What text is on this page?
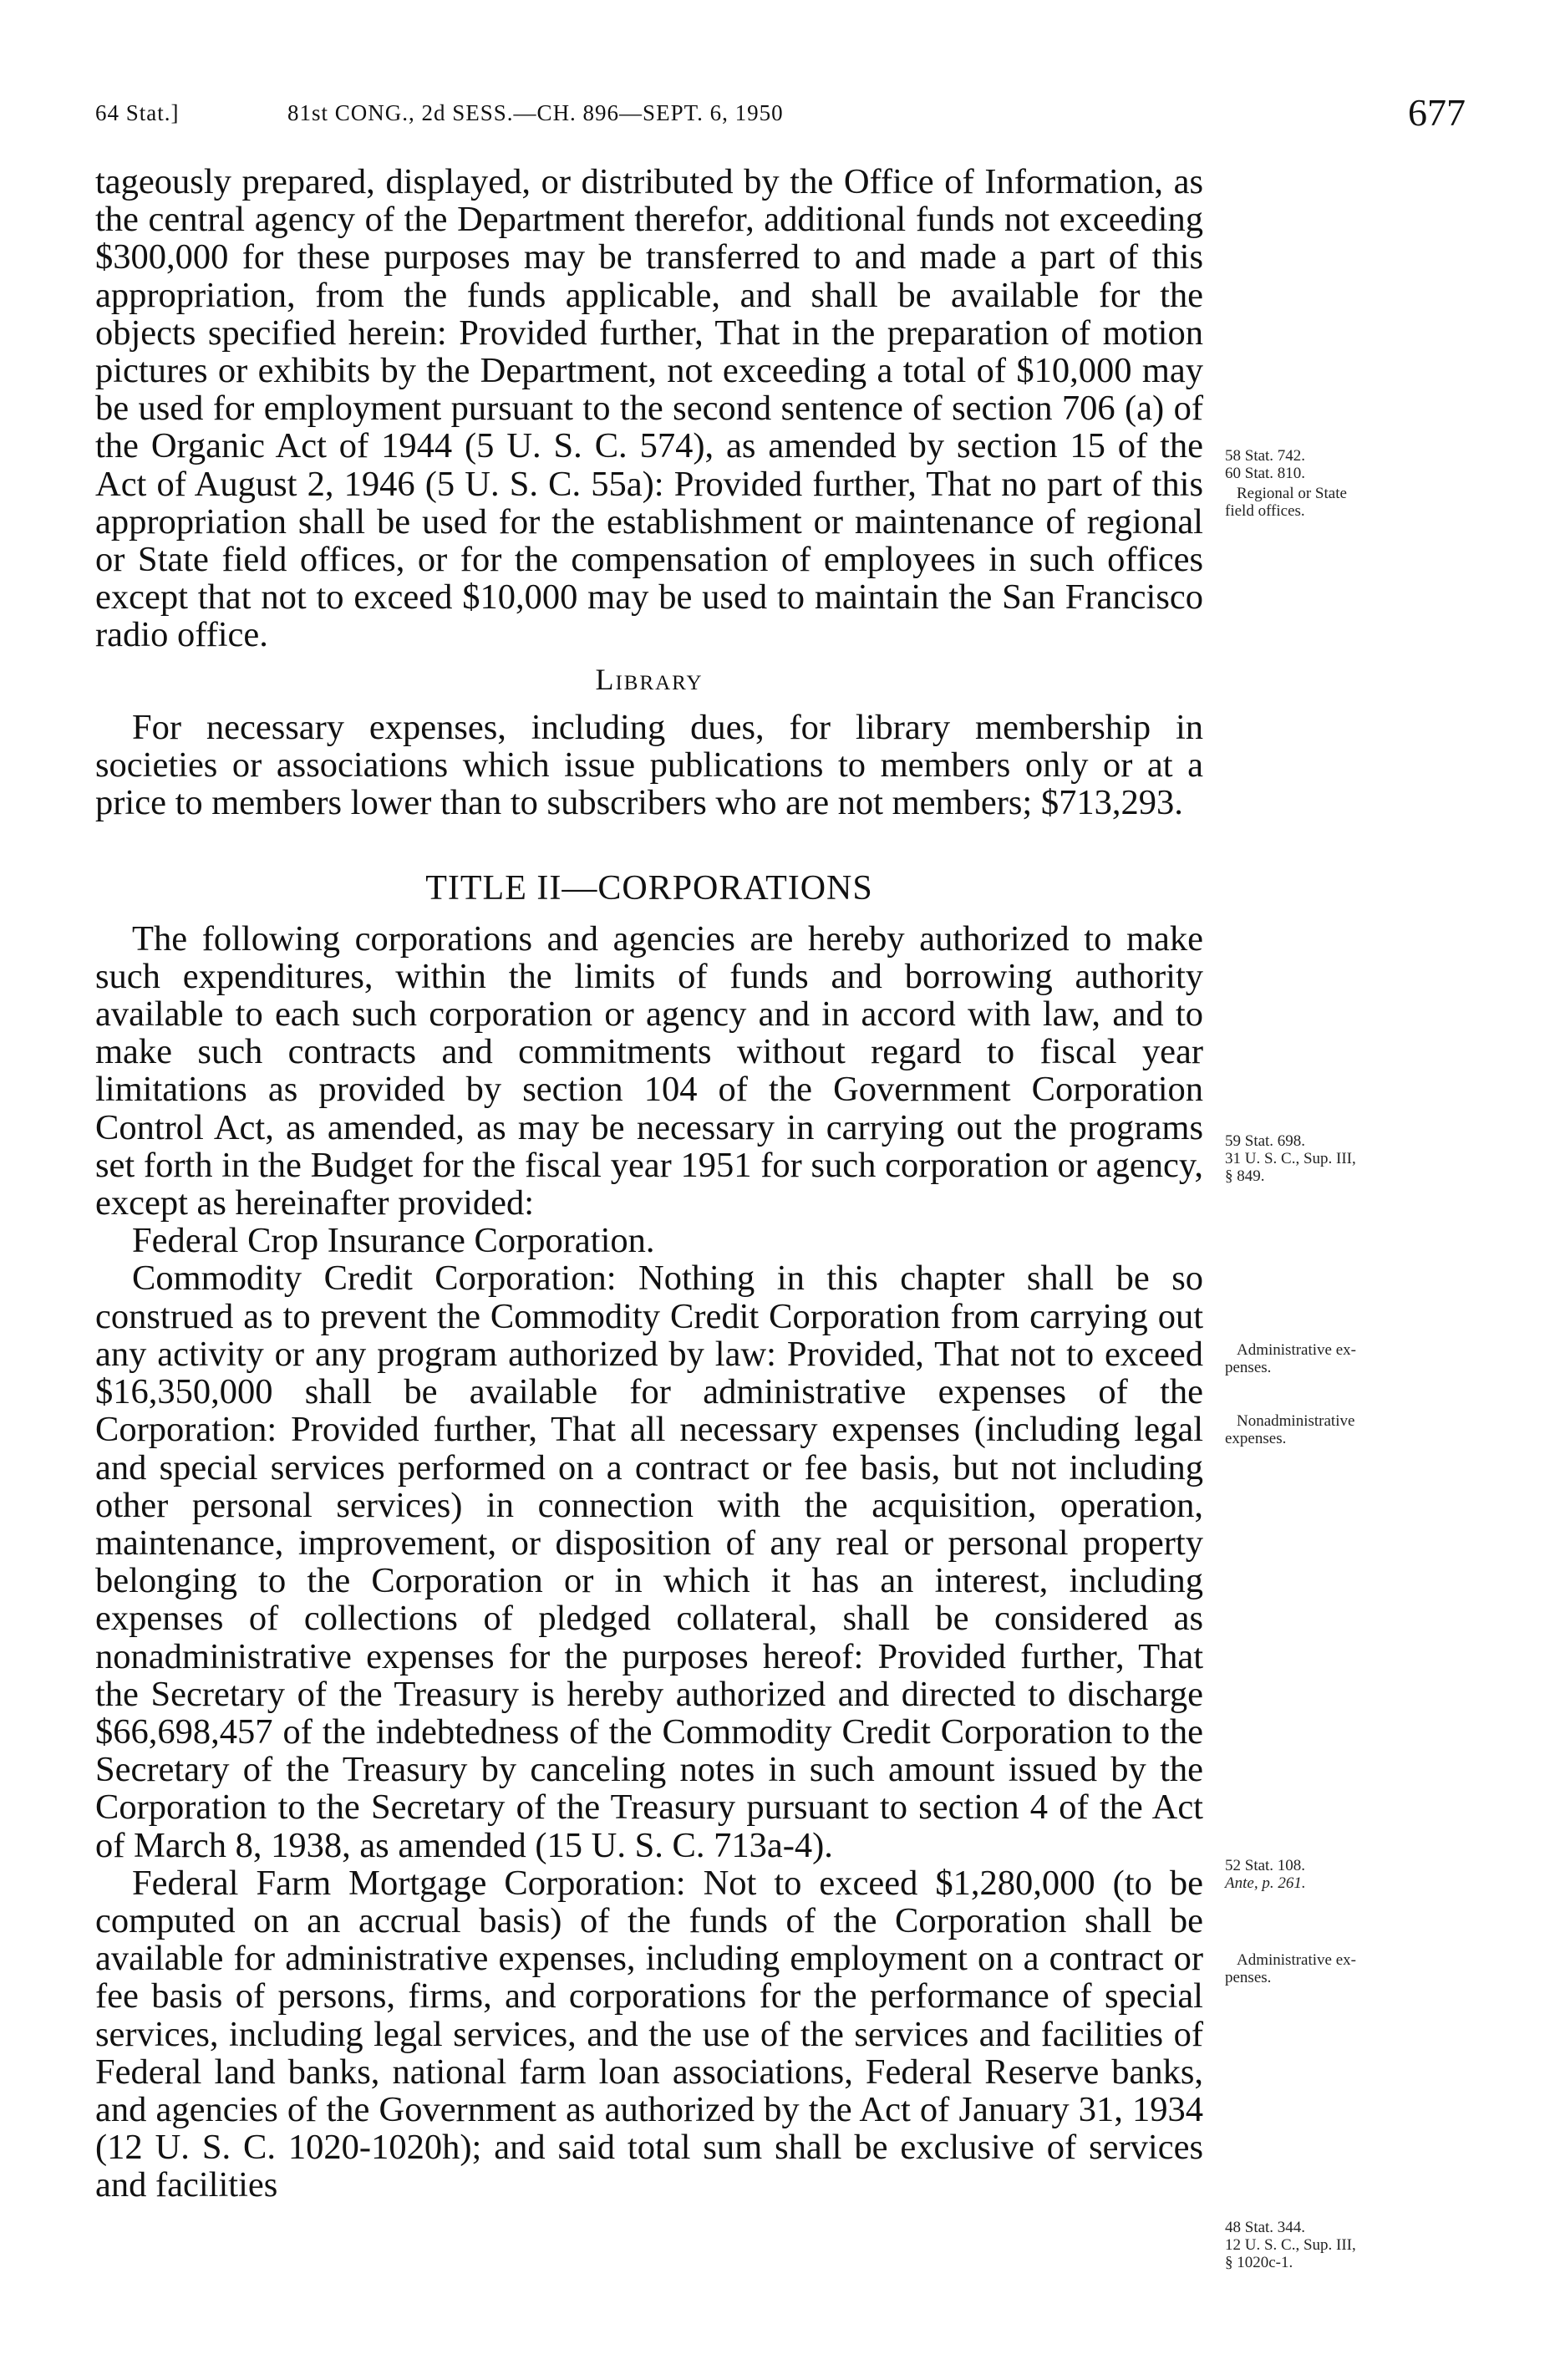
64 Stat.]	81st CONG., 2d SESS.—CH. 896—SEPT. 6, 1950	677

tageously prepared, displayed, or distributed by the Office of Information, as the central agency of the Department therefor, additional funds not exceeding $300,000 for these purposes may be transferred to and made a part of this appropriation, from the funds applicable, and shall be available for the objects specified herein: Provided further, That in the preparation of motion pictures or exhibits by the Department, not exceeding a total of $10,000 may be used for employment pursuant to the second sentence of section 706 (a) of the Organic Act of 1944 (5 U. S. C. 574), as amended by section 15 of the Act of August 2, 1946 (5 U. S. C. 55a): Provided further, That no part of this appropriation shall be used for the establishment or maintenance of regional or State field offices, or for the compensation of employees in such offices except that not to exceed $10,000 may be used to maintain the San Francisco radio office.

Library

For necessary expenses, including dues, for library membership in societies or associations which issue publications to members only or at a price to members lower than to subscribers who are not members; $713,293.

TITLE II—CORPORATIONS

The following corporations and agencies are hereby authorized to make such expenditures, within the limits of funds and borrowing authority available to each such corporation or agency and in accord with law, and to make such contracts and commitments without regard to fiscal year limitations as provided by section 104 of the Government Corporation Control Act, as amended, as may be necessary in carrying out the programs set forth in the Budget for the fiscal year 1951 for such corporation or agency, except as hereinafter provided:

Federal Crop Insurance Corporation.

Commodity Credit Corporation: Nothing in this chapter shall be so construed as to prevent the Commodity Credit Corporation from carrying out any activity or any program authorized by law: Provided, That not to exceed $16,350,000 shall be available for administrative expenses of the Corporation: Provided further, That all necessary expenses (including legal and special services performed on a contract or fee basis, but not including other personal services) in connection with the acquisition, operation, maintenance, improvement, or disposition of any real or personal property belonging to the Corporation or in which it has an interest, including expenses of collections of pledged collateral, shall be considered as nonadministrative expenses for the purposes hereof: Provided further, That the Secretary of the Treasury is hereby authorized and directed to discharge $66,698,457 of the indebtedness of the Commodity Credit Corporation to the Secretary of the Treasury by canceling notes in such amount issued by the Corporation to the Secretary of the Treasury pursuant to section 4 of the Act of March 8, 1938, as amended (15 U. S. C. 713a-4).

Federal Farm Mortgage Corporation: Not to exceed $1,280,000 (to be computed on an accrual basis) of the funds of the Corporation shall be available for administrative expenses, including employment on a contract or fee basis of persons, firms, and corporations for the performance of special services, including legal services, and the use of the services and facilities of Federal land banks, national farm loan associations, Federal Reserve banks, and agencies of the Government as authorized by the Act of January 31, 1934 (12 U. S. C. 1020-1020h); and said total sum shall be exclusive of services and facilities

58 Stat. 742.
60 Stat. 810.
Regional or State
field offices.
59 Stat. 698.
31 U. S. C., Sup. III,
§ 849.
Administrative ex-
penses.
Nonadministrative
expenses.
52 Stat. 108.
Ante, p. 261.
Administrative ex-
penses.
48 Stat. 344.
12 U. S. C., Sup. III,
§ 1020c-1.
